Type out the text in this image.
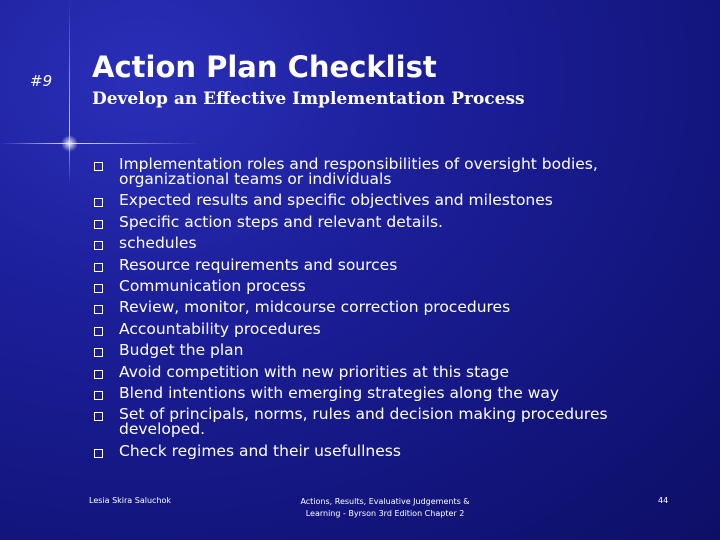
#9 Action Plan Checklist
Develop an Effective Implementation Process
Implementation roles and responsibilities of oversight bodies, organizational teams or individuals
Expected results and specific objectives and milestones
Specific action steps and relevant details.
schedules
Resource requirements and sources
Communication process
Review, monitor, midcourse correction procedures
Accountability procedures
Budget the plan
Avoid competition with new priorities at this stage
Blend intentions with emerging strategies along the way
Set of principals, norms, rules and decision making procedures developed.
Check regimes and their usefullness
Lesia Skira Saluchok	Actions, Results, Evaluative Judgements &
Learning - Byrson 3rd Edition Chapter 2
44
